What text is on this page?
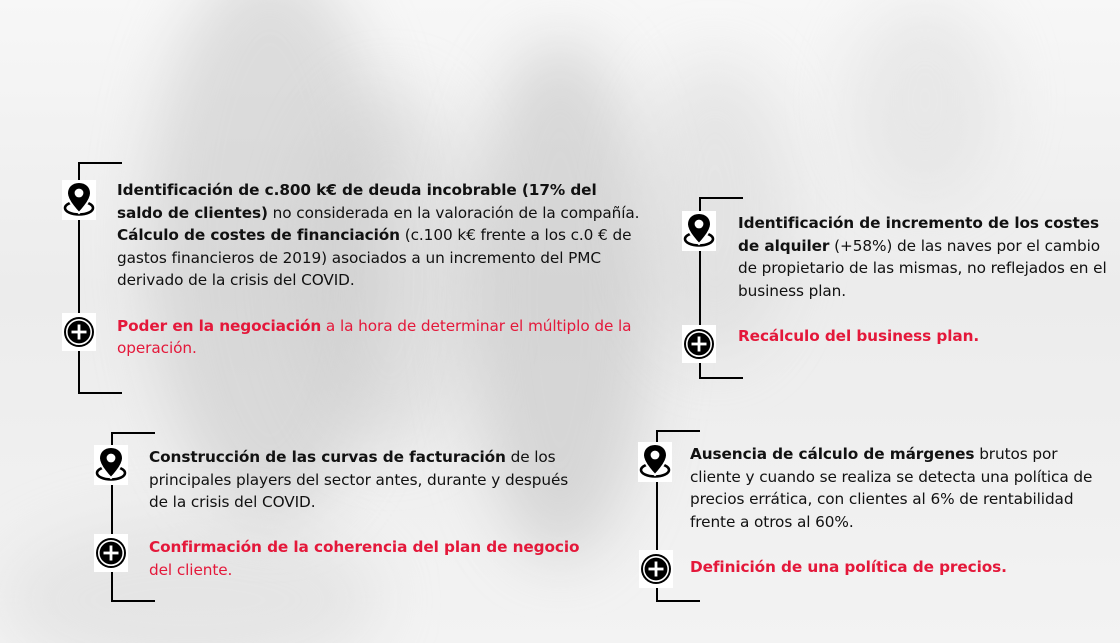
Identificación de c.800 k€ de deuda incobrable (17% del saldo de clientes) no considerada en la valoración de la compañía.
Cálculo de costes de financiación (c.100 k€ frente a los c.0 € de gastos financieros de 2019) asociados a un incremento del PMC derivado de la crisis del COVID.
Poder en la negociación a la hora de determinar el múltiplo de la operación.
Identificación de incremento de los costes de alquiler (+58%) de las naves por el cambio de propietario de las mismas, no reflejados en el business plan.
Recálculo del business plan.
Construcción de las curvas de facturación de los principales players del sector antes, durante y después de la crisis del COVID.
Confirmación de la coherencia del plan de negocio del cliente.
Ausencia de cálculo de márgenes brutos por cliente y cuando se realiza se detecta una política de precios errática, con clientes al 6% de rentabilidad frente a otros al 60%.
Definición de una política de precios.
